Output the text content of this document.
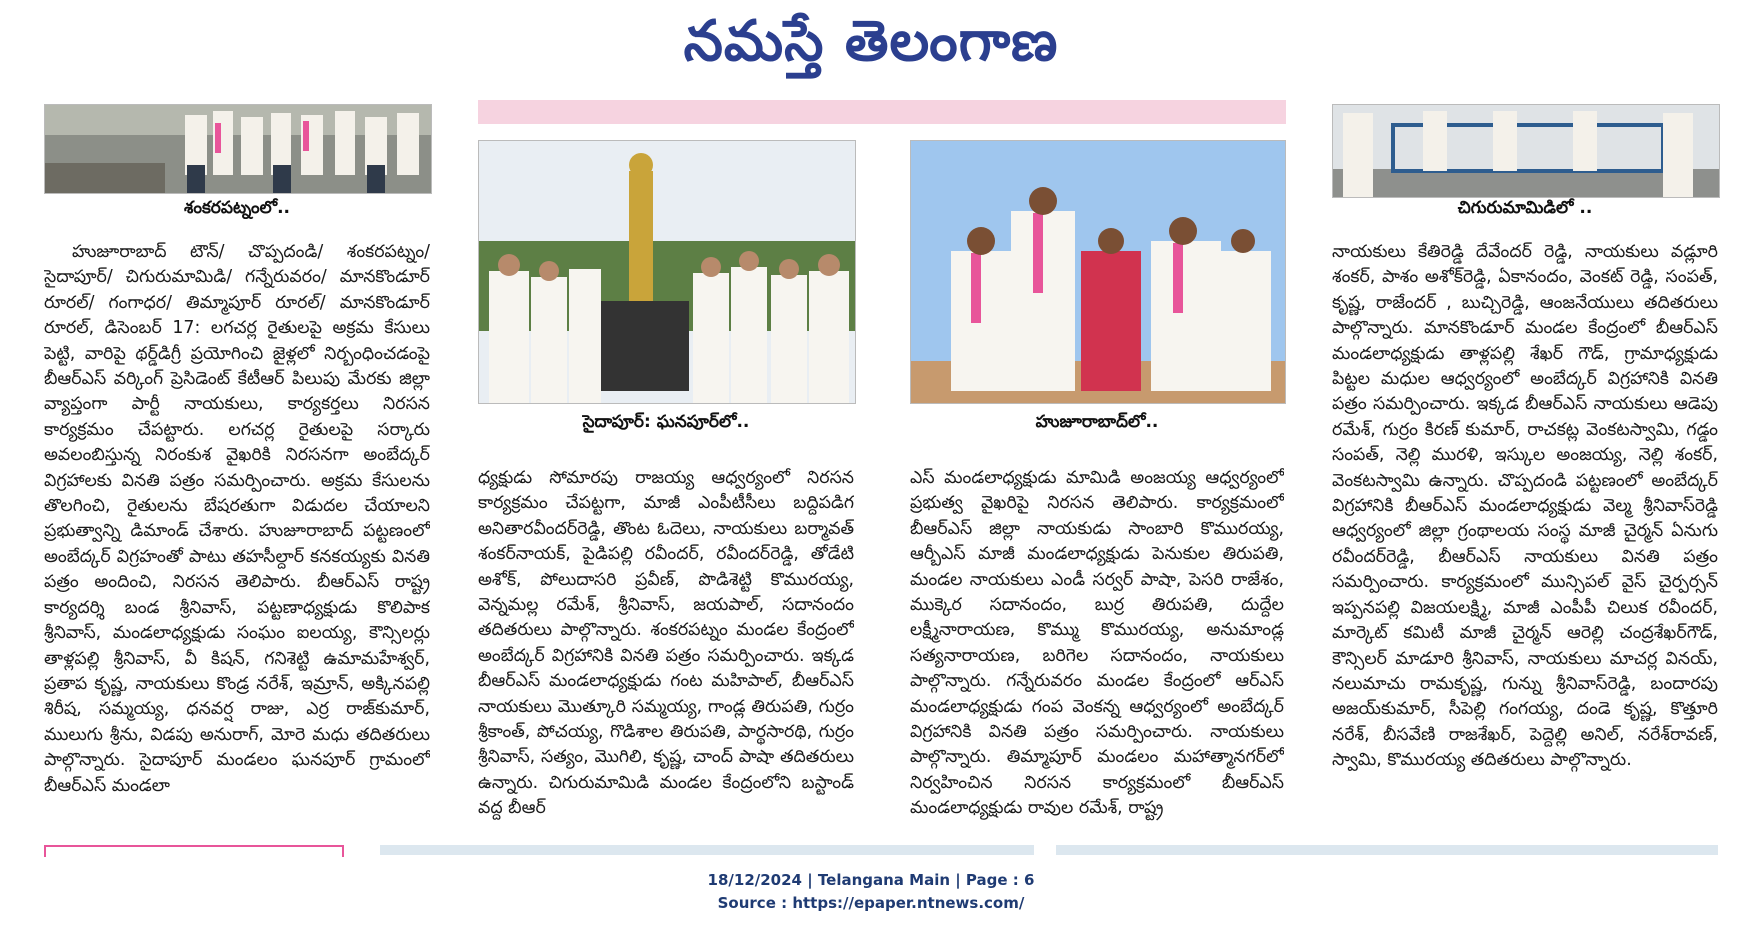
నమస్తే తెలంగాణ
శంకరపట్నంలో..
సైదాపూర్: ఘనపూర్‌లో..	హుజూరాబాద్‌లో..
చిగురుమామిడిలో ..
హుజూరాబాద్ టౌన్/ చొప్పదండి/ శంకరపట్నం/ సైదాపూర్/ చిగురుమామిడి/ గన్నేరువరం/ మానకొండూర్ రూరల్/ గంగాధర/ తిమ్మాపూర్ రూరల్/ మానకొండూర్ రూరల్, డిసెంబర్ 17: లగచర్ల రైతులపై అక్రమ కేసులు పెట్టి, వారిపై థర్డ్‌డిగ్రీ ప్రయోగించి జైళ్లలో నిర్బంధించడంపై బీఆర్‌ఎస్ వర్కింగ్ ప్రెసిడెంట్ కేటీఆర్ పిలుపు మేరకు జిల్లా వ్యాప్తంగా పార్టీ నాయకులు, కార్యకర్తలు నిరసన కార్యక్రమం చేపట్టారు. లగచర్ల రైతులపై సర్కారు అవలంబిస్తున్న నిరంకుశ వైఖరికి నిరసనగా అంబేద్కర్ విగ్రహాలకు వినతి పత్రం సమర్పించారు. అక్రమ కేసులను తొలగించి, రైతులను బేషరతుగా విడుదల చేయాలని ప్రభుత్వాన్ని డిమాండ్ చేశారు. హుజూరాబాద్ పట్టణంలో అంబేద్కర్ విగ్రహంతో పాటు తహసీల్దార్ కనకయ్యకు వినతి పత్రం అందించి, నిరసన తెలిపారు. బీఆర్‌ఎస్ రాష్ట్ర కార్యదర్శి బండ శ్రీనివాస్, పట్టణాధ్యక్షుడు కొలిపాక శ్రీనివాస్, మండలాధ్యక్షుడు సంఘం ఐలయ్య, కౌన్సిలర్లు తాళ్లపల్లి శ్రీనివాస్, వీ కిషన్, గనిశెట్టి ఉమామహేశ్వర్, ప్రతాప కృష్ణ, నాయకులు కొండ్ర నరేశ్, ఇమ్రాన్, అక్కినపల్లి శిరీష, సమ్మయ్య, ధనవర్ష రాజు, ఎర్ర రాజ్‌కుమార్, ములుగు శ్రీను, విడపు అనురాగ్, మోరె మధు తదితరులు పాల్గొన్నారు. సైదాపూర్ మండలం ఘనపూర్ గ్రామంలో బీఆర్‌ఎస్ మండలా
ధ్యక్షుడు సోమారపు రాజయ్య ఆధ్వర్యంలో నిరసన కార్యక్రమం చేపట్టగా, మాజీ ఎంపీటీసీలు బద్దిపడిగ అనితారవీందర్‌రెడ్డి, తొంట ఓదెలు, నాయకులు బర్మావత్ శంకర్‌నాయక్, పైడిపల్లి రవీందర్, రవీందర్‌రెడ్డి, తోడేటి అశోక్, పోలుదాసరి ప్రవీణ్, పొడిశెట్టి కొమురయ్య, వెన్నమల్ల రమేశ్, శ్రీనివాస్, జయపాల్, సదానందం తదితరులు పాల్గొన్నారు. శంకరపట్నం మండల కేంద్రంలో అంబేద్కర్ విగ్రహానికి వినతి పత్రం సమర్పించారు. ఇక్కడ బీఆర్‌ఎస్ మండలాధ్యక్షుడు గంట మహిపాల్, బీఆర్‌ఎస్ నాయకులు మొత్కూరి సమ్మయ్య, గాండ్ల తిరుపతి, గుర్రం శ్రీకాంత్, పోచయ్య, గొడిశాల తిరుపతి, పార్థసారథి, గుర్రం శ్రీనివాస్, సత్యం, మొగిలి, కృష్ణ, చాంద్ పాషా తదితరులు ఉన్నారు. చిగురుమామిడి మండల కేంద్రంలోని బస్టాండ్ వద్ద బీఆర్
ఎస్ మండలాధ్యక్షుడు మామిడి అంజయ్య ఆధ్వర్యంలో ప్రభుత్వ వైఖరిపై నిరసన తెలిపారు. కార్యక్రమంలో బీఆర్‌ఎస్ జిల్లా నాయకుడు సాంబారి కొమురయ్య, ఆర్బీఎస్ మాజీ మండలాధ్యక్షుడు పెనుకుల తిరుపతి, మండల నాయకులు ఎండీ సర్వర్ పాషా, పెసరి రాజేశం, ముక్కెర సదానందం, బుర్ర తిరుపతి, దుద్దేల లక్ష్మీనారాయణ, కొమ్ము కొమురయ్య, అనుమాండ్ల సత్యనారాయణ, బరిగెల సదానందం, నాయకులు పాల్గొన్నారు. గన్నేరువరం మండల కేంద్రంలో ఆర్‌ఎస్ మండలాధ్యక్షుడు గంప వెంకన్న ఆధ్వర్యంలో అంబేద్కర్ విగ్రహానికి వినతి పత్రం సమర్పించారు. నాయకులు పాల్గొన్నారు. తిమ్మాపూర్ మండలం మహాత్మానగర్‌లో నిర్వహించిన నిరసన కార్యక్రమంలో బీఆర్‌ఎస్ మండలాధ్యక్షుడు రావుల రమేశ్, రాష్ట్ర
నాయకులు కేతిరెడ్డి దేవేందర్ రెడ్డి, నాయకులు వడ్లూరి శంకర్, పాశం అశోక్‌రెడ్డి, ఏకానందం, వెంకట్ రెడ్డి, సంపత్, కృష్ణ, రాజేందర్ , బుచ్చిరెడ్డి, ఆంజనేయులు తదితరులు పాల్గొన్నారు. మానకొండూర్ మండల కేంద్రంలో బీఆర్‌ఎస్ మండలాధ్యక్షుడు తాళ్లపల్లి శేఖర్ గౌడ్, గ్రామాధ్యక్షుడు పిట్టల మధుల ఆధ్వర్యంలో అంబేద్కర్ విగ్రహానికి వినతి పత్రం సమర్పించారు. ఇక్కడ బీఆర్‌ఎస్ నాయకులు ఆడెపు రమేశ్, గుర్రం కిరణ్ కుమార్, రాచకట్ల వెంకటస్వామి, గడ్డం సంపత్, నెల్లి మురళి, ఇస్కుల అంజయ్య, నెల్లి శంకర్, వెంకటస్వామి ఉన్నారు. చొప్పదండి పట్టణంలో అంబేద్కర్ విగ్రహానికి బీఆర్‌ఎస్ మండలాధ్యక్షుడు వెల్మ శ్రీనివాస్‌రెడ్డి ఆధ్వర్యంలో జిల్లా గ్రంథాలయ సంస్థ మాజీ చైర్మన్ ఏనుగు రవీందర్‌రెడ్డి, బీఆర్‌ఎస్ నాయకులు వినతి పత్రం సమర్పించారు. కార్యక్రమంలో మున్సిపల్ వైస్ చైర్పర్సన్ ఇప్పనపల్లి విజయలక్ష్మి, మాజీ ఎంపీపీ చిలుక రవీందర్, మార్కెట్ కమిటీ మాజీ చైర్మన్ ఆరెల్లి చంద్రశేఖర్‌గౌడ్, కౌన్సిలర్ మాడూరి శ్రీనివాస్, నాయకులు మాచర్ల వినయ్, నలుమాచు రామకృష్ణ, గున్ను శ్రీనివాస్‌రెడ్డి, బందారపు అజయ్‌కుమార్, సీపెల్లి గంగయ్య, దండె కృష్ణ, కొత్తూరి నరేశ్, బీసవేణి రాజశేఖర్, పెద్దెల్లి అనిల్, నరేశ్‌రావణ్, స్వామి, కొమురయ్య తదితరులు పాల్గొన్నారు.
18/12/2024 | Telangana Main | Page : 6
Source : https://epaper.ntnews.com/
